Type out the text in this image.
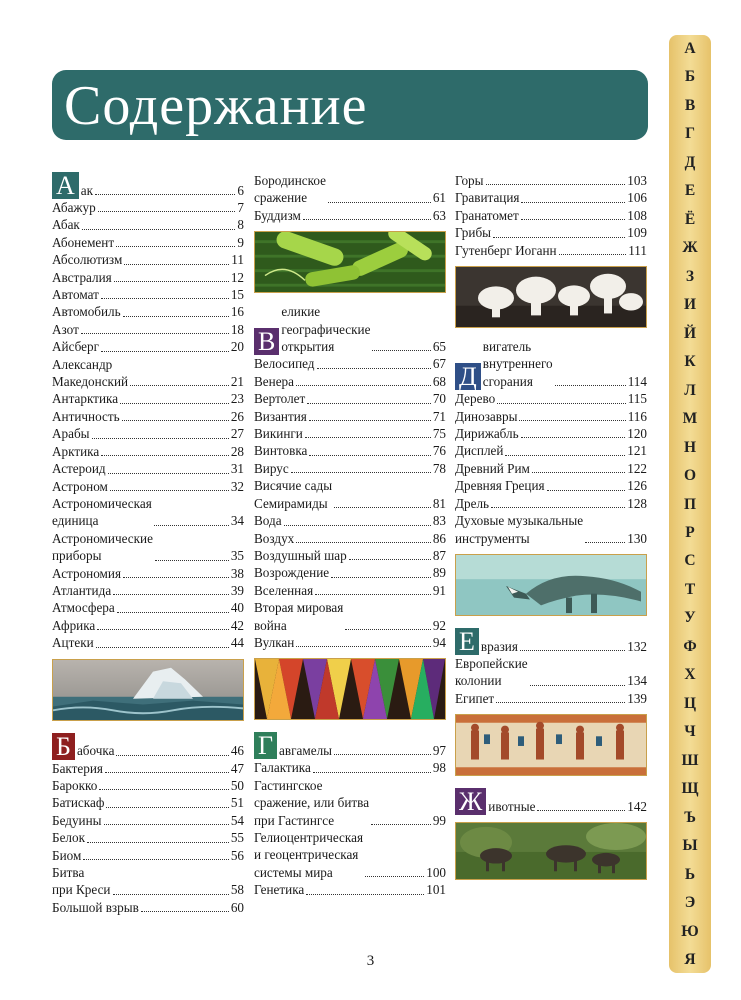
Содержание
А ак	6
Абажур	7
Абак	8
Абонемент	9
Абсолютизм	11
Австралия	12
Автомат	15
Автомобиль	16
Азот	18
Айсберг	20
Александр
Македонский	21
Антарктика	23
Античность	26
Арабы	27
Арктика	28
Астероид	31
Астроном	32
Астрономическая
единица	34
Астрономические
приборы	35
Астрономия	38
Атлантида	39
Атмосфера	40
Африка	42
Ацтеки	44
Б абочка	46
Бактерия	47
Барокко	50
Батискаф	51
Бедуины	54
Белок	55
Биом	56
Битва
при Креси	58
Большой взрыв	60
Бородинское
сражение	61
Буддизм	63
В
еликие
географические
открытия	65
Велосипед	67
Венера	68
Вертолет	70
Византия	71
Викинги	75
Винтовка	76
Вирус	78
Висячие сады
Семирамиды	81
Вода	83
Воздух	86
Воздушный шар	87
Возрождение	89
Вселенная	91
Вторая мировая
война	92
Вулкан	94
Г авгамелы	97
Галактика	98
Гастингское
сражение, или битва
при Гастингсе	99
Гелиоцентрическая
и геоцентрическая
системы мира	100
Генетика	101
Горы	103
Гравитация	106
Гранатомет	108
Грибы	109
Гутенберг Иоганн	111
Д
вигатель
внутреннего
сгорания	114
Дерево	115
Динозавры	116
Дирижабль	120
Дисплей	121
Древний Рим	122
Древняя Греция	126
Дрель	128
Духовые музыкальные
инструменты	130
Е вразия	132
Европейские
колонии	134
Египет	139
Ж ивотные	142
3
А
Б
В
Г
Д
Е
Ё
Ж
З
И
Й
К
Л
М
Н
О
П
Р
С
Т
У
Ф
Х
Ц
Ч
Ш
Щ
Ъ
Ы
Ь
Э
Ю
Я
